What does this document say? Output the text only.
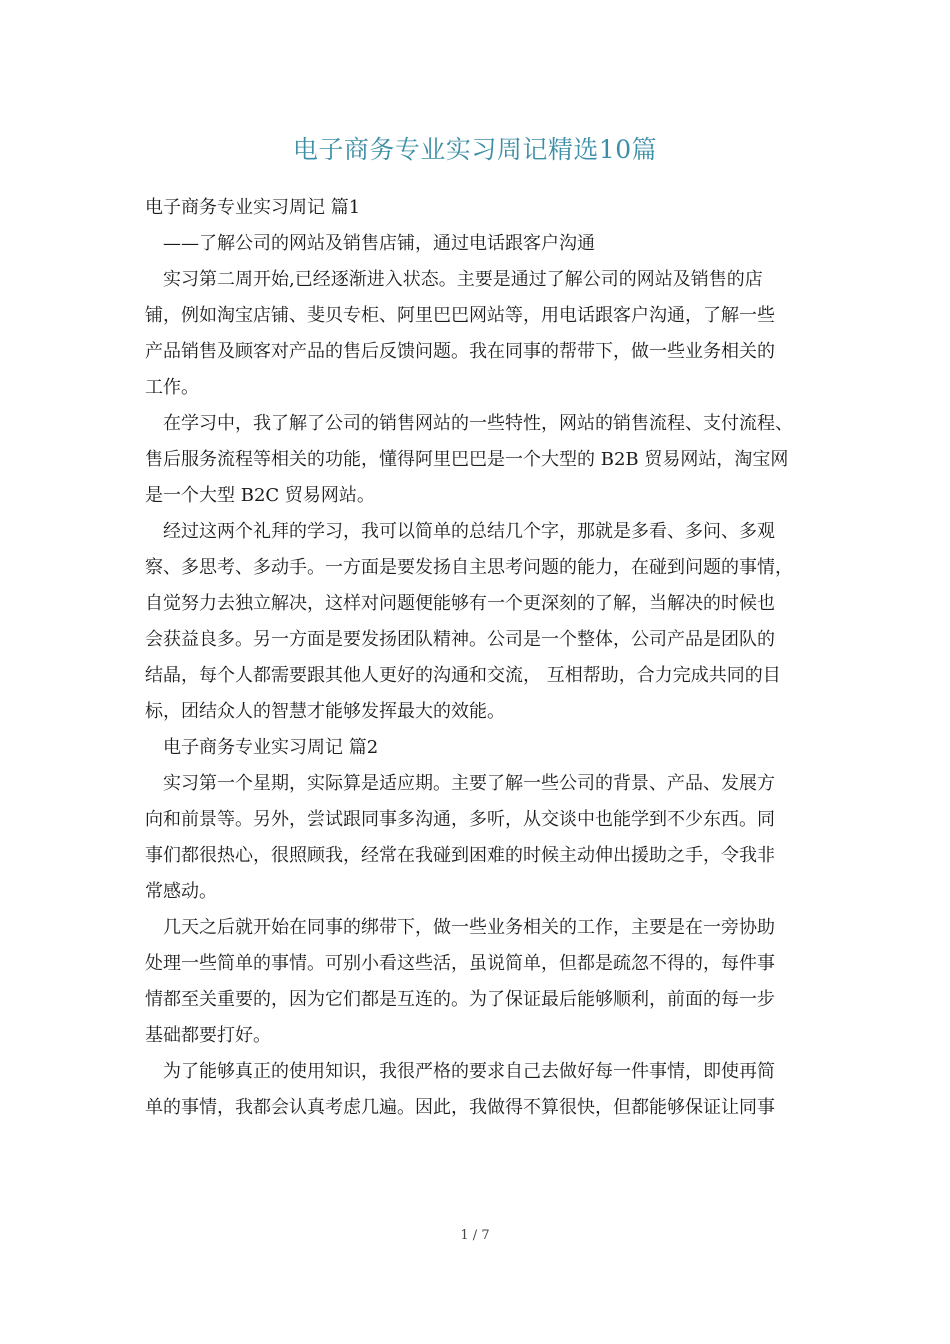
电子商务专业实习周记精选10篇
电子商务专业实习周记 篇1
——了解公司的网站及销售店铺，通过电话跟客户沟通
实习第二周开始,已经逐渐进入状态。主要是通过了解公司的网站及销售的店
铺，例如淘宝店铺、斐贝专柜、阿里巴巴网站等，用电话跟客户沟通，了解一些
产品销售及顾客对产品的售后反馈问题。我在同事的帮带下，做一些业务相关的
工作。
在学习中，我了解了公司的销售网站的一些特性，网站的销售流程、支付流程、
售后服务流程等相关的功能，懂得阿里巴巴是一个大型的 B2B 贸易网站，淘宝网
是一个大型 B2C 贸易网站。
经过这两个礼拜的学习，我可以简单的总结几个字，那就是多看、多问、多观
察、多思考、多动手。一方面是要发扬自主思考问题的能力，在碰到问题的事情，
自觉努力去独立解决，这样对问题便能够有一个更深刻的了解，当解决的时候也
会获益良多。另一方面是要发扬团队精神。公司是一个整体，公司产品是团队的
结晶，每个人都需要跟其他人更好的沟通和交流， 互相帮助，合力完成共同的目
标，团结众人的智慧才能够发挥最大的效能。
电子商务专业实习周记 篇2
实习第一个星期，实际算是适应期。主要了解一些公司的背景、产品、发展方
向和前景等。另外，尝试跟同事多沟通，多听，从交谈中也能学到不少东西。同
事们都很热心，很照顾我，经常在我碰到困难的时候主动伸出援助之手，令我非
常感动。
几天之后就开始在同事的绑带下，做一些业务相关的工作，主要是在一旁协助
处理一些简单的事情。可别小看这些活，虽说简单，但都是疏忽不得的，每件事
情都至关重要的，因为它们都是互连的。为了保证最后能够顺利，前面的每一步
基础都要打好。
为了能够真正的使用知识，我很严格的要求自己去做好每一件事情，即使再简
单的事情，我都会认真考虑几遍。因此，我做得不算很快，但都能够保证让同事
1 / 7
